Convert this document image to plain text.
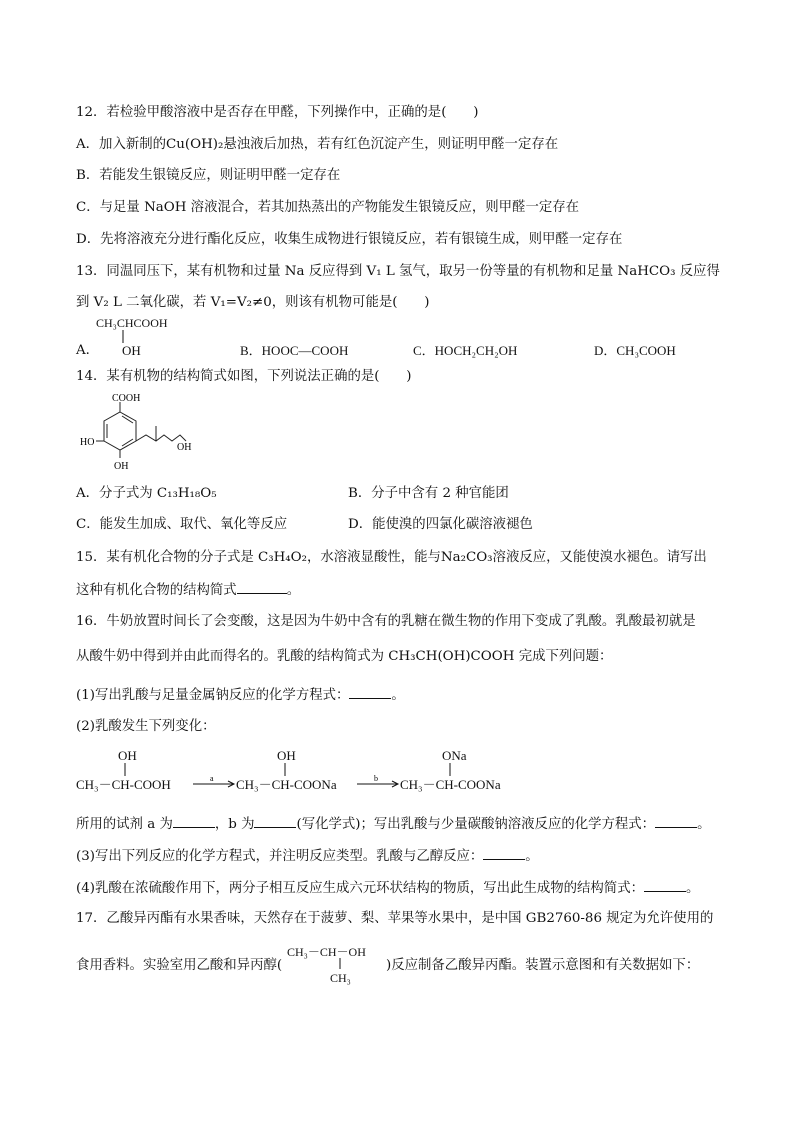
12．若检验甲酸溶液中是否存在甲醛，下列操作中，正确的是(　　)
A．加入新制的Cu(OH)₂悬浊液后加热，若有红色沉淀产生，则证明甲醛一定存在
B．若能发生银镜反应，则证明甲醛一定存在
C．与足量 NaOH 溶液混合，若其加热蒸出的产物能发生银镜反应，则甲醛一定存在
D．先将溶液充分进行酯化反应，收集生成物进行银镜反应，若有银镜生成，则甲醛一定存在
13．同温同压下，某有机物和过量 Na 反应得到 V₁ L 氢气，取另一份等量的有机物和足量 NaHCO₃ 反应得
到 V₂ L 二氧化碳，若 V₁=V₂≠0，则该有机物可能是(　　)
CH₃CHCOOH
A． OH	B．HOOC—COOH	C．HOCH₂CH₂OH	D．CH₃COOH
14．某有机物的结构简式如图，下列说法正确的是(　　)
COOH
HO
OH
OH
A．分子式为 C₁₃H₁₈O₅	B．分子中含有 2 种官能团
C．能发生加成、取代、氧化等反应	D．能使溴的四氯化碳溶液褪色
15．某有机化合物的分子式是 C₃H₄O₂，水溶液显酸性，能与Na₂CO₃溶液反应，又能使溴水褪色。请写出
这种有机化合物的结构简式	。
16．牛奶放置时间长了会变酸，这是因为牛奶中含有的乳糖在微生物的作用下变成了乳酸。乳酸最初就是
从酸牛奶中得到并由此而得名的。乳酸的结构简式为 CH₃CH(OH)COOH 完成下列问题：
(1)写出乳酸与足量金属钠反应的化学方程式：	。
(2)乳酸发生下列变化：
OH	OH	ONa
CH₃－CH-COOH	CH₃－CH-COONa	CH₃－CH-COONa
a	b
所用的试剂 a 为	，b 为	(写化学式)；写出乳酸与少量碳酸钠溶液反应的化学方程式：	。
(3)写出下列反应的化学方程式，并注明反应类型。乳酸与乙醇反应：	。
(4)乳酸在浓硫酸作用下，两分子相互反应生成六元环状结构的物质，写出此生成物的结构简式：	。
17．乙酸异丙酯有水果香味，天然存在于菠萝、梨、苹果等水果中，是中国 GB2760-86 规定为允许使用的
食用香料。实验室用乙酸和异丙醇(
CH₃－CH－OH
CH₃
)反应制备乙酸异丙酯。装置示意图和有关数据如下：
